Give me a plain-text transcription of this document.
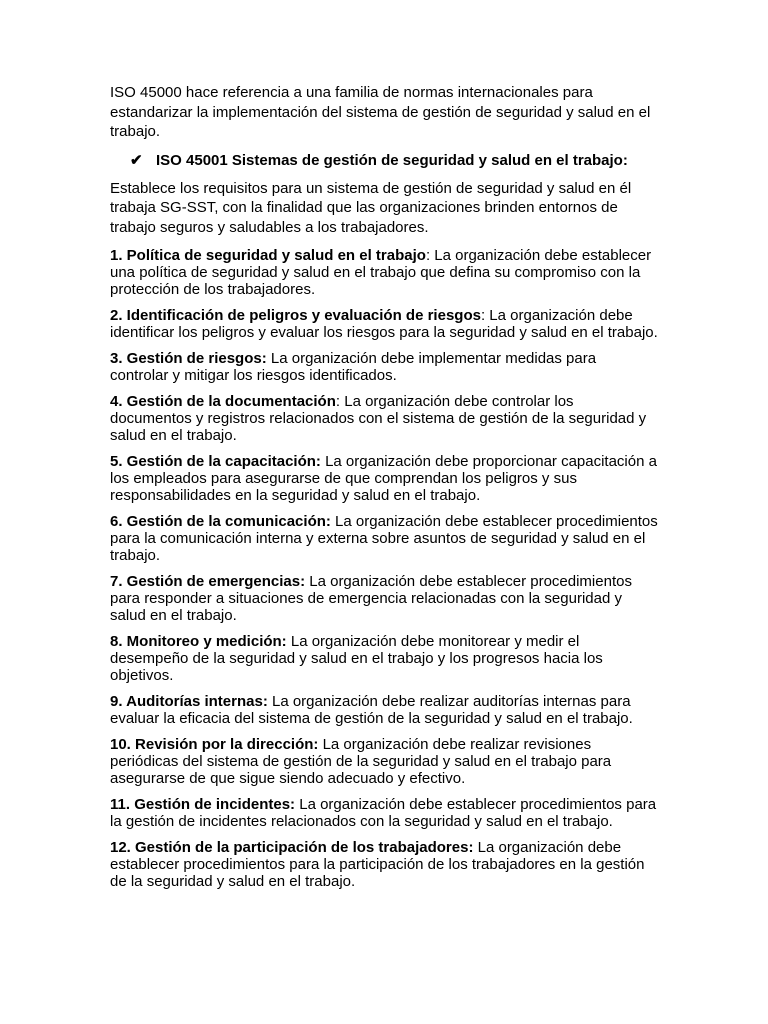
ISO 45000 hace referencia a una familia de normas internacionales para estandarizar la implementación del sistema de gestión de seguridad y salud en el trabajo.

✔ ISO 45001 Sistemas de gestión de seguridad y salud en el trabajo:

Establece los requisitos para un sistema de gestión de seguridad y salud en él trabaja SG-SST, con la finalidad que las organizaciones brinden entornos de trabajo seguros y saludables a los trabajadores.

1. Política de seguridad y salud en el trabajo: La organización debe establecer una política de seguridad y salud en el trabajo que defina su compromiso con la protección de los trabajadores.

2. Identificación de peligros y evaluación de riesgos: La organización debe identificar los peligros y evaluar los riesgos para la seguridad y salud en el trabajo.

3. Gestión de riesgos: La organización debe implementar medidas para controlar y mitigar los riesgos identificados.

4. Gestión de la documentación: La organización debe controlar los documentos y registros relacionados con el sistema de gestión de la seguridad y salud en el trabajo.

5. Gestión de la capacitación: La organización debe proporcionar capacitación a los empleados para asegurarse de que comprendan los peligros y sus responsabilidades en la seguridad y salud en el trabajo.

6. Gestión de la comunicación: La organización debe establecer procedimientos para la comunicación interna y externa sobre asuntos de seguridad y salud en el trabajo.

7. Gestión de emergencias: La organización debe establecer procedimientos para responder a situaciones de emergencia relacionadas con la seguridad y salud en el trabajo.

8. Monitoreo y medición: La organización debe monitorear y medir el desempeño de la seguridad y salud en el trabajo y los progresos hacia los objetivos.

9. Auditorías internas: La organización debe realizar auditorías internas para evaluar la eficacia del sistema de gestión de la seguridad y salud en el trabajo.

10. Revisión por la dirección: La organización debe realizar revisiones periódicas del sistema de gestión de la seguridad y salud en el trabajo para asegurarse de que sigue siendo adecuado y efectivo.

11. Gestión de incidentes: La organización debe establecer procedimientos para la gestión de incidentes relacionados con la seguridad y salud en el trabajo.

12. Gestión de la participación de los trabajadores: La organización debe establecer procedimientos para la participación de los trabajadores en la gestión de la seguridad y salud en el trabajo.
